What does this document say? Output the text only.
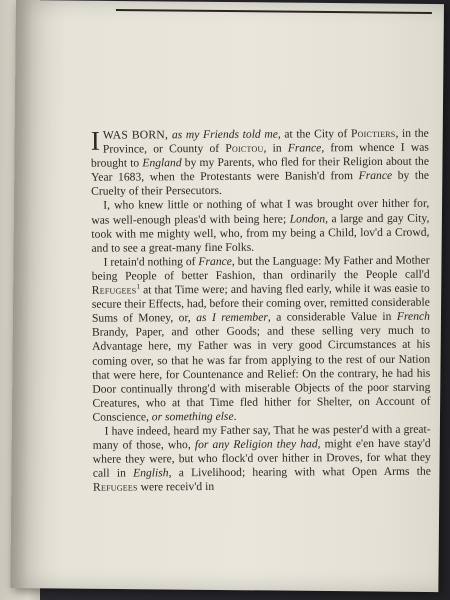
IWAS BORN, as my Friends told me, at the City of Poictiers, in the Province, or County of Poictou, in France, from whence I was brought to England by my Parents, who fled for their Religion about the Year 1683, when the Protestants were Banish'd from France by the Cruelty of their Persecutors.

I, who knew little or nothing of what I was brought over hither for, was well-enough pleas'd with being here; London, a large and gay City, took with me mighty well, who, from my being a Child, lov'd a Crowd, and to see a great-many fine Folks.

I retain'd nothing of France, but the Language: My Father and Mother being People of better Fashion, than ordinarily the People call'd Refugees$^1$ at that Time were; and having fled early, while it was easie to secure their Effects, had, before their coming over, remitted considerable Sums of Money, or, as I remember, a considerable Value in French Brandy, Paper, and other Goods; and these selling very much to Advantage here, my Father was in very good Circumstances at his coming over, so that he was far from applying to the rest of our Nation that were here, for Countenance and Relief: On the contrary, he had his Door continually throng'd with miserable Objects of the poor starving Creatures, who at that Time fled hither for Shelter, on Account of Conscience, or something else.

I have indeed, heard my Father say, That he was pester'd with a great-many of those, who, for any Religion they had, might e'en have stay'd where they were, but who flock'd over hither in Droves, for what they call in English, a Livelihood; hearing with what Open Arms the Refugees were receiv'd in
